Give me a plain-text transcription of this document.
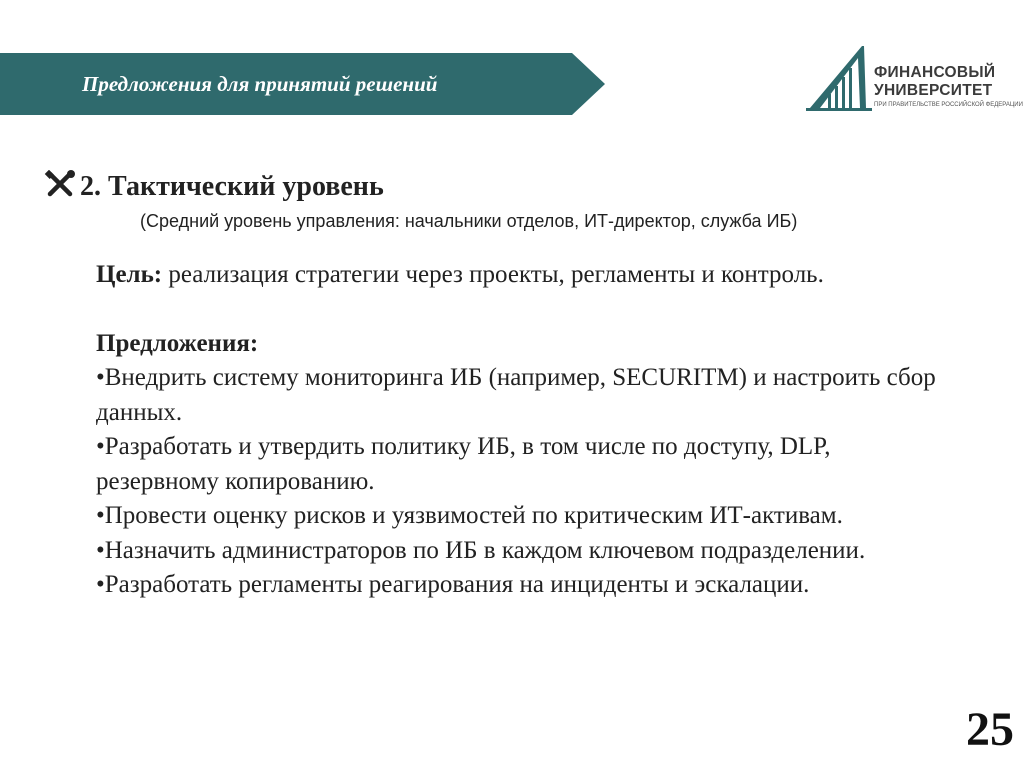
Предложения для принятий решений	ФИНАНСОВЫЙ
УНИВЕРСИТЕТ
ПРИ ПРАВИТЕЛЬСТВЕ РОССИЙСКОЙ ФЕДЕРАЦИИ
2. Тактический уровень
(Средний уровень управления: начальники отделов, ИТ-директор, служба ИБ)

Цель: реализация стратегии через проекты, регламенты и контроль.

Предложения:

•Внедрить систему мониторинга ИБ (например, SECURITM) и настроить сбор данных.

•Разработать и утвердить политику ИБ, в том числе по доступу, DLP, резервному копированию.

•Провести оценку рисков и уязвимостей по критическим ИТ-активам.

•Назначить администраторов по ИБ в каждом ключевом подразделении.

•Разработать регламенты реагирования на инциденты и эскалации.

25
